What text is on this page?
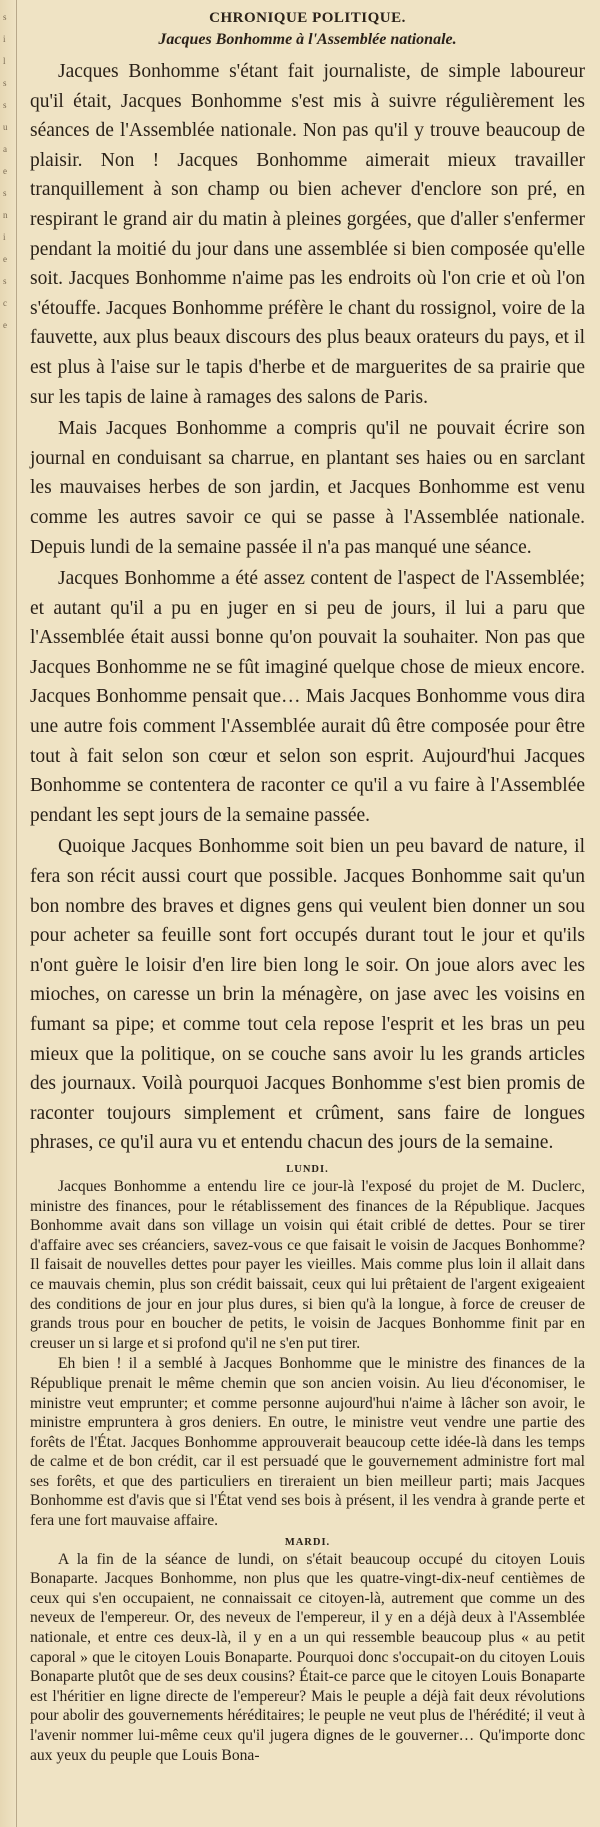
s
i
l
s
s
u
a
e
s
n
i
e
s
c
e
CHRONIQUE POLITIQUE.
Jacques Bonhomme à l'Assemblée nationale.

Jacques Bonhomme s'étant fait journaliste, de simple laboureur qu'il était, Jacques Bonhomme s'est mis à suivre régulièrement les séances de l'Assemblée nationale. Non pas qu'il y trouve beaucoup de plaisir. Non ! Jacques Bonhomme aimerait mieux travailler tranquillement à son champ ou bien achever d'enclore son pré, en respirant le grand air du matin à pleines gorgées, que d'aller s'enfermer pendant la moitié du jour dans une assemblée si bien composée qu'elle soit. Jacques Bonhomme n'aime pas les endroits où l'on crie et où l'on s'étouffe. Jacques Bonhomme préfère le chant du rossignol, voire de la fauvette, aux plus beaux discours des plus beaux orateurs du pays, et il est plus à l'aise sur le tapis d'herbe et de marguerites de sa prairie que sur les tapis de laine à ramages des salons de Paris.

Mais Jacques Bonhomme a compris qu'il ne pouvait écrire son journal en conduisant sa charrue, en plantant ses haies ou en sarclant les mauvaises herbes de son jardin, et Jacques Bonhomme est venu comme les autres savoir ce qui se passe à l'Assemblée nationale. Depuis lundi de la semaine passée il n'a pas manqué une séance.

Jacques Bonhomme a été assez content de l'aspect de l'Assemblée; et autant qu'il a pu en juger en si peu de jours, il lui a paru que l'Assemblée était aussi bonne qu'on pouvait la souhaiter. Non pas que Jacques Bonhomme ne se fût imaginé quelque chose de mieux encore. Jacques Bonhomme pensait que… Mais Jacques Bonhomme vous dira une autre fois comment l'Assemblée aurait dû être composée pour être tout à fait selon son cœur et selon son esprit. Aujourd'hui Jacques Bonhomme se contentera de raconter ce qu'il a vu faire à l'Assemblée pendant les sept jours de la semaine passée.

Quoique Jacques Bonhomme soit bien un peu bavard de nature, il fera son récit aussi court que possible. Jacques Bonhomme sait qu'un bon nombre des braves et dignes gens qui veulent bien donner un sou pour acheter sa feuille sont fort occupés durant tout le jour et qu'ils n'ont guère le loisir d'en lire bien long le soir. On joue alors avec les mioches, on caresse un brin la ménagère, on jase avec les voisins en fumant sa pipe; et comme tout cela repose l'esprit et les bras un peu mieux que la politique, on se couche sans avoir lu les grands articles des journaux. Voilà pourquoi Jacques Bonhomme s'est bien promis de raconter toujours simplement et crûment, sans faire de longues phrases, ce qu'il aura vu et entendu chacun des jours de la semaine.

LUNDI.

Jacques Bonhomme a entendu lire ce jour-là l'exposé du projet de M. Duclerc, ministre des finances, pour le rétablissement des finances de la République. Jacques Bonhomme avait dans son village un voisin qui était criblé de dettes. Pour se tirer d'affaire avec ses créanciers, savez-vous ce que faisait le voisin de Jacques Bonhomme? Il faisait de nouvelles dettes pour payer les vieilles. Mais comme plus loin il allait dans ce mauvais chemin, plus son crédit baissait, ceux qui lui prêtaient de l'argent exigeaient des conditions de jour en jour plus dures, si bien qu'à la longue, à force de creuser de grands trous pour en boucher de petits, le voisin de Jacques Bonhomme finit par en creuser un si large et si profond qu'il ne s'en put tirer.

Eh bien ! il a semblé à Jacques Bonhomme que le ministre des finances de la République prenait le même chemin que son ancien voisin. Au lieu d'économiser, le ministre veut emprunter; et comme personne aujourd'hui n'aime à lâcher son avoir, le ministre empruntera à gros deniers. En outre, le ministre veut vendre une partie des forêts de l'État. Jacques Bonhomme approuverait beaucoup cette idée-là dans les temps de calme et de bon crédit, car il est persuadé que le gouvernement administre fort mal ses forêts, et que des particuliers en tireraient un bien meilleur parti; mais Jacques Bonhomme est d'avis que si l'État vend ses bois à présent, il les vendra à grande perte et fera une fort mauvaise affaire.

MARDI.

A la fin de la séance de lundi, on s'était beaucoup occupé du citoyen Louis Bonaparte. Jacques Bonhomme, non plus que les quatre-vingt-dix-neuf centièmes de ceux qui s'en occupaient, ne connaissait ce citoyen-là, autrement que comme un des neveux de l'empereur. Or, des neveux de l'empereur, il y en a déjà deux à l'Assemblée nationale, et entre ces deux-là, il y en a un qui ressemble beaucoup plus « au petit caporal » que le citoyen Louis Bonaparte. Pourquoi donc s'occupait-on du citoyen Louis Bonaparte plutôt que de ses deux cousins? Était-ce parce que le citoyen Louis Bonaparte est l'héritier en ligne directe de l'empereur? Mais le peuple a déjà fait deux révolutions pour abolir des gouvernements héréditaires; le peuple ne veut plus de l'hérédité; il veut à l'avenir nommer lui-même ceux qu'il jugera dignes de le gouverner… Qu'importe donc aux yeux du peuple que Louis Bona-
